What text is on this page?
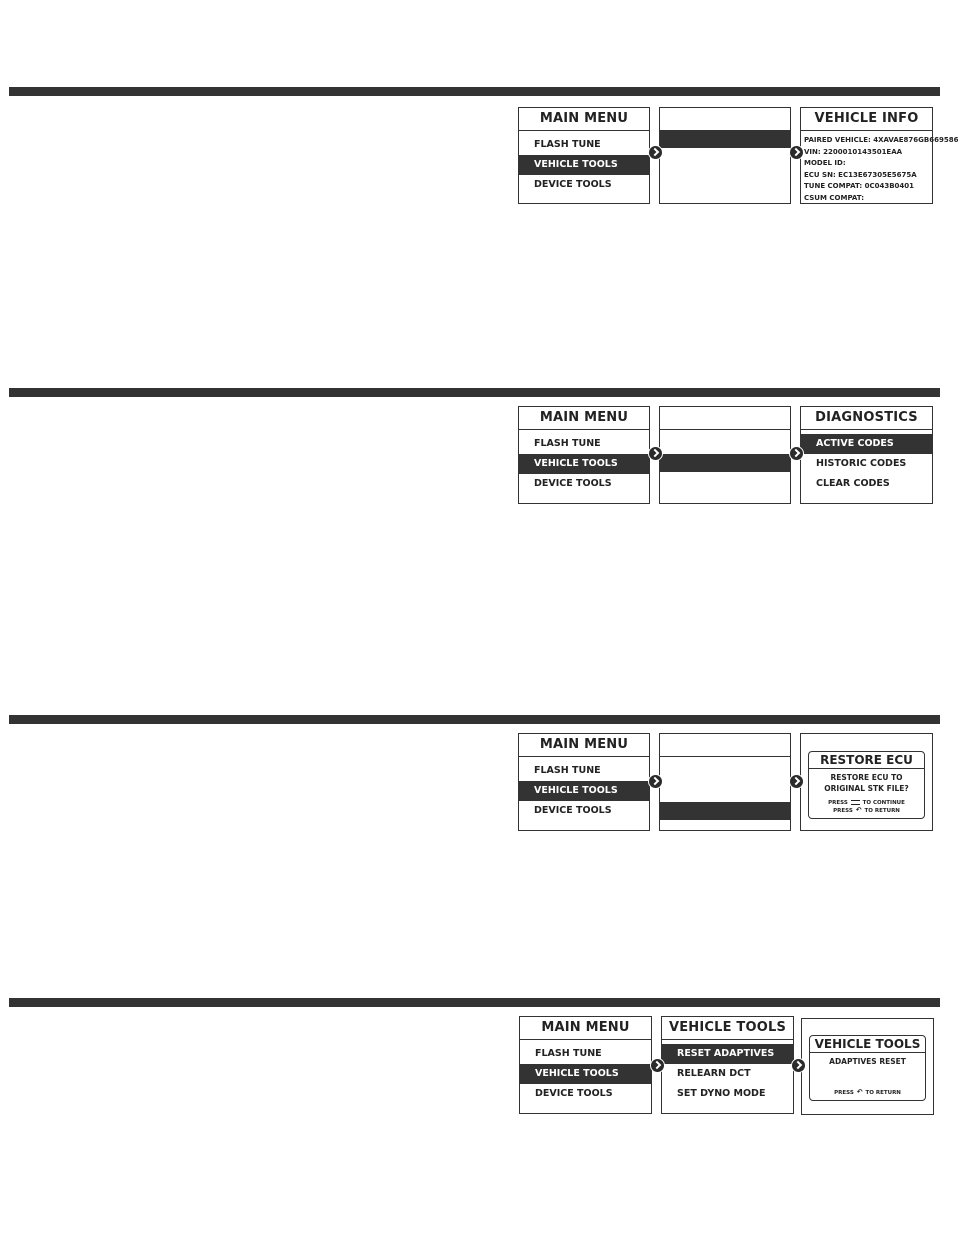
MAIN MENU
FLASH TUNE
VEHICLE TOOLS
DEVICE TOOLS
VEHICLE INFO
PAIRED VEHICLE: 4XAVAE876GB669586
VIN: 2200010143501EAA
MODEL ID:
ECU SN: EC13E67305E5675A
TUNE COMPAT: 0C043B0401
CSUM COMPAT:
MAIN MENU
FLASH TUNE
VEHICLE TOOLS
DEVICE TOOLS
DIAGNOSTICS
ACTIVE CODES
HISTORIC CODES
CLEAR CODES
MAIN MENU
FLASH TUNE
VEHICLE TOOLS
DEVICE TOOLS
RESTORE ECU
RESTORE ECU TO ORIGINAL STK FILE?
PRESS	TO CONTINUE
PRESS ↶ TO RETURN
MAIN MENU
FLASH TUNE
VEHICLE TOOLS
DEVICE TOOLS
VEHICLE TOOLS
RESET ADAPTIVES
RELEARN DCT
SET DYNO MODE
VEHICLE TOOLS
ADAPTIVES RESET
PRESS ↶ TO RETURN
